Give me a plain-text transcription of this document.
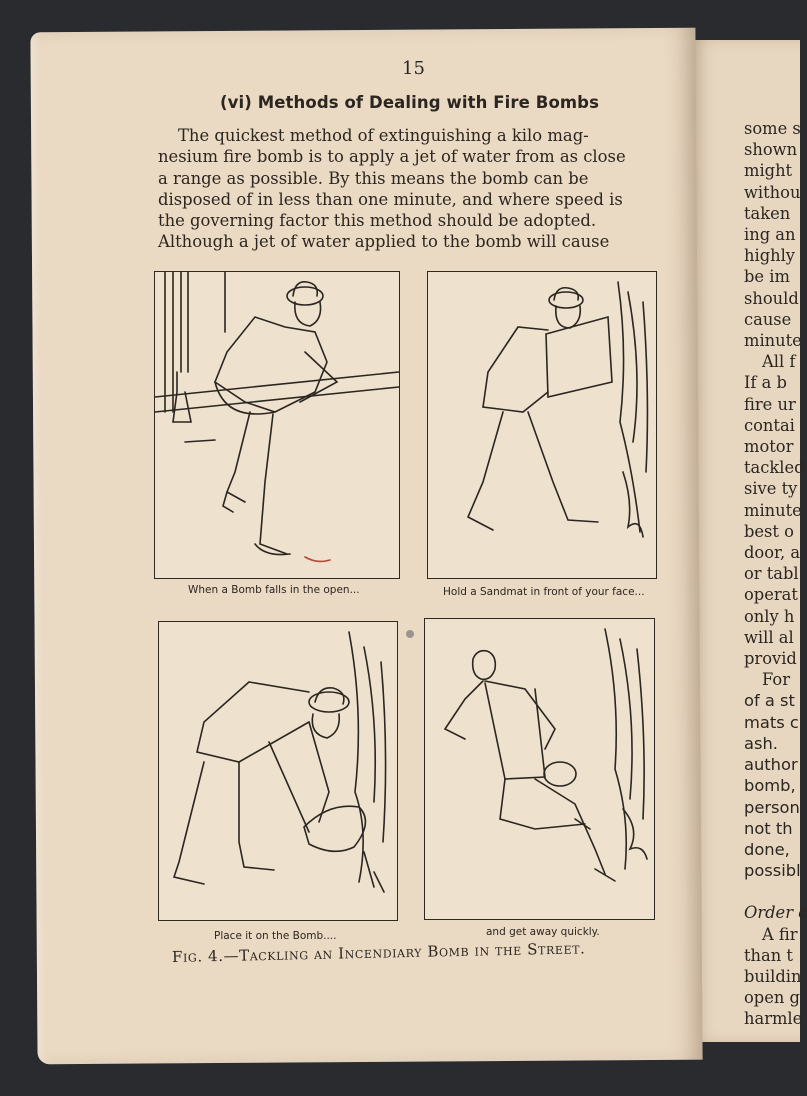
15
(vi) Methods of Dealing with Fire Bombs
The quickest method of extinguishing a kilo mag-
nesium fire bomb is to apply a jet of water from as close
a range as possible. By this means the bomb can be
disposed of in less than one minute, and where speed is
the governing factor this method should be adopted.
Although a jet of water applied to the bomb will cause
When a Bomb falls in the open...	Hold a Sandmat in front of your face...
Place it on the Bomb....	and get away quickly.
Fig. 4.—Tackling an Incendiary Bomb in the Street.
some s
shown
might
withou
taken
ing an
highly
be im
should
cause
minute
All f
If a b
fire ur
contai
motor
tackled
sive ty
minute
best o
door, a
or tabl
operat
only h
will al
provid
For
of a st
mats c
ash.
author
bomb,
person
not th
done,
possibl
Order c
A fir
than t
buildin
open g
harmle
